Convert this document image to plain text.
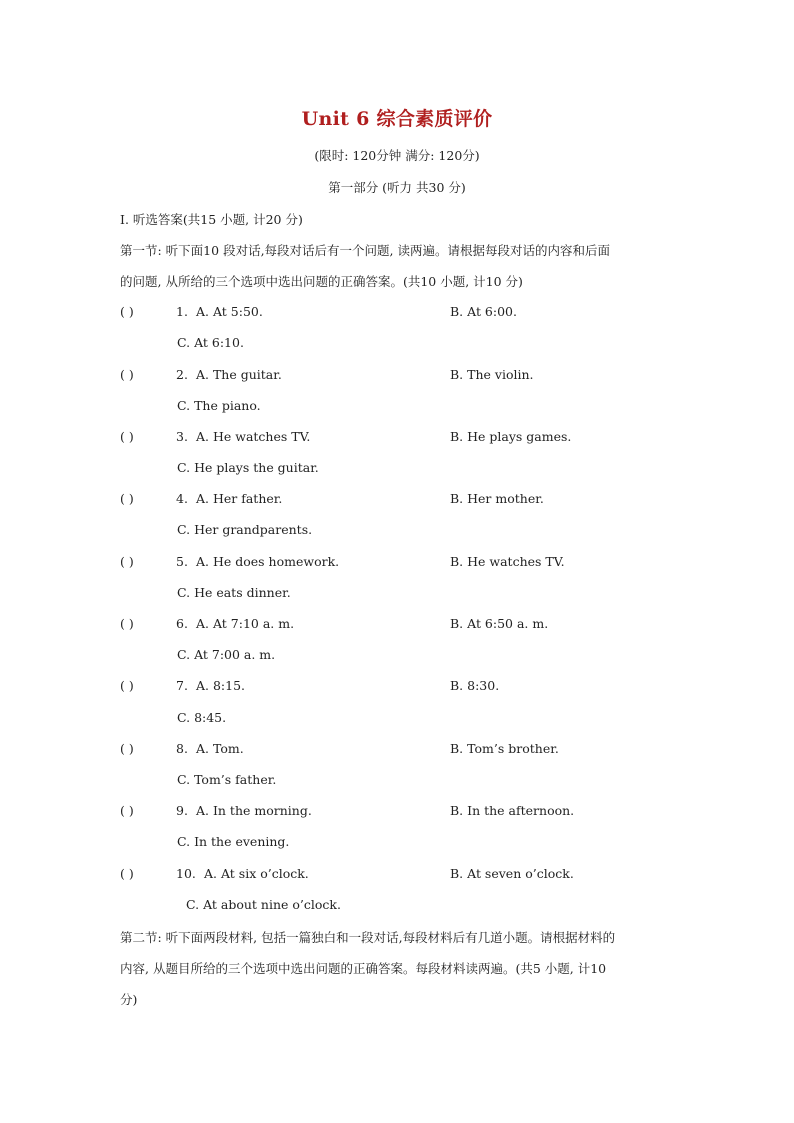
Unit 6 综合素质评价
(限时: 120分钟 满分: 120分)
第一部分 (听力 共30 分)
I. 听选答案(共15 小题, 计20 分)
第一节: 听下面10 段对话,每段对话后有一个问题, 读两遍。请根据每段对话的内容和后面
的问题, 从所给的三个选项中选出问题的正确答案。(共10 小题, 计10 分)
( )	1. A. At 5:50.	B. At 6:00.
C. At 6:10.
( )	2. A. The guitar.	B. The violin.
C. The piano.
( )	3. A. He watches TV.	B. He plays games.
C. He plays the guitar.
( )	4. A. Her father.	B. Her mother.
C. Her grandparents.
( )	5. A. He does homework.	B. He watches TV.
C. He eats dinner.
( )	6. A. At 7:10 a. m.	B. At 6:50 a. m.
C. At 7:00 a. m.
( )	7. A. 8:15.	B. 8:30.
C. 8:45.
( )	8. A. Tom.	B. Tom’s brother.
C. Tom’s father.
( )	9. A. In the morning.	B. In the afternoon.
C. In the evening.
( )	10. A. At six o’clock.	B. At seven o’clock.
C. At about nine o’clock.
第二节: 听下面两段材料, 包括一篇独白和一段对话,每段材料后有几道小题。请根据材料的
内容, 从题目所给的三个选项中选出问题的正确答案。每段材料读两遍。(共5 小题, 计10
分)
